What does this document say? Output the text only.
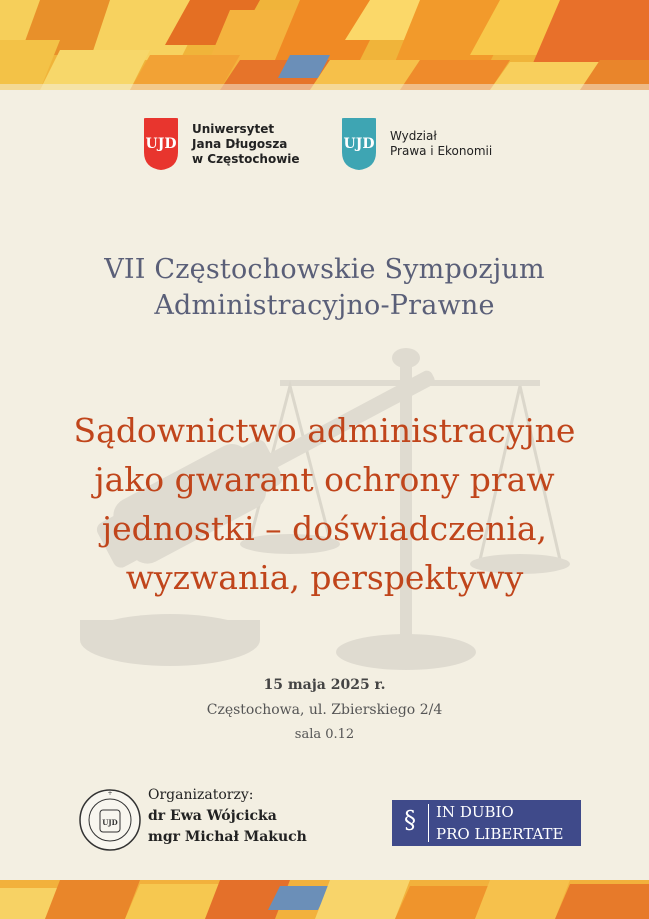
UJD
Uniwersytet
Jana Długosza
w Częstochowie
UJD Wydział
Prawa i Ekonomii
VII Częstochowskie Sympozjum
Administracyjno-Prawne
Sądownictwo administracyjne
jako gwarant ochrony praw
jednostki – doświadczenia,
wyzwania, perspektywy
15 maja 2025 r.
Częstochowa, ul. Zbierskiego 2/4
sala 0.12
+
UJD
Organizatorzy:
dr Ewa Wójcicka
mgr Michał Makuch
§ IN DUBIO
PRO LIBERTATE
